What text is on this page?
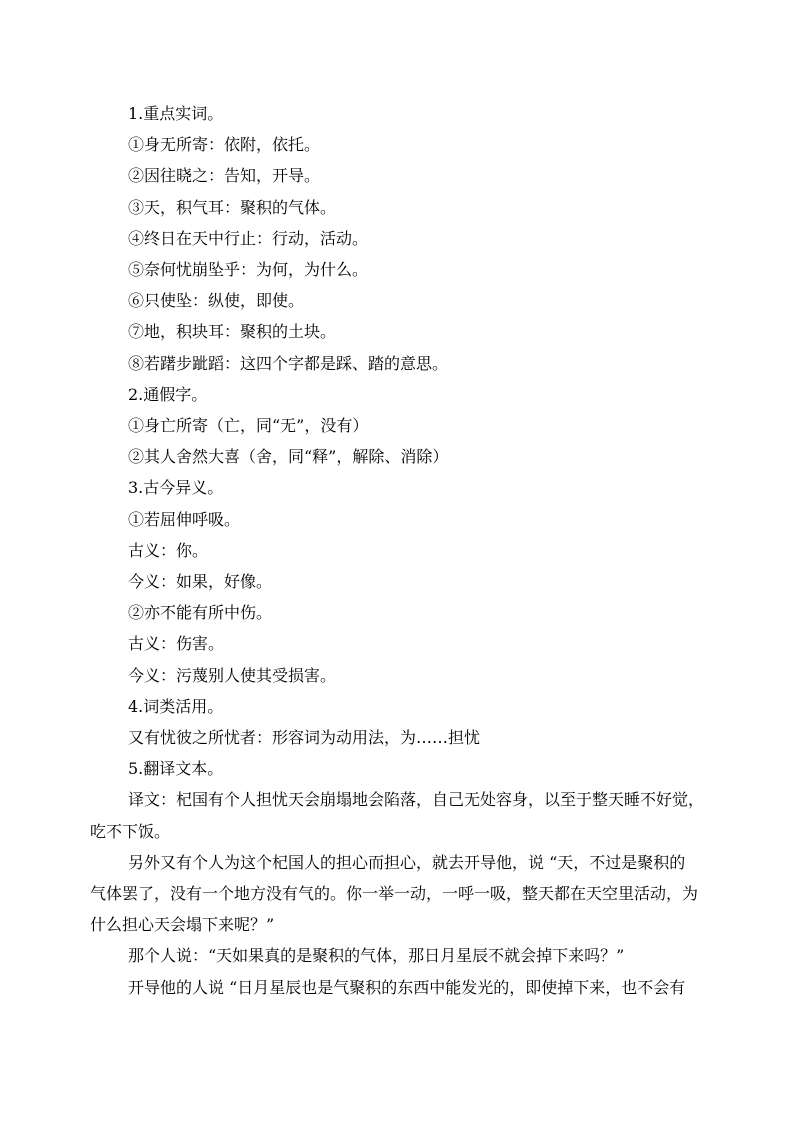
1.重点实词。
①身无所寄：依附，依托。
②因往晓之：告知，开导。
③天，积气耳：聚积的气体。
④终日在天中行止：行动，活动。
⑤奈何忧崩坠乎：为何，为什么。
⑥只使坠：纵使，即使。
⑦地，积块耳：聚积的土块。
⑧若躇步跐蹈：这四个字都是踩、踏的意思。
2.通假字。
①身亡所寄（亡，同“无”，没有）
②其人舍然大喜（舍，同“释”，解除、消除）
3.古今异义。
①若屈伸呼吸。
古义：你。
今义：如果，好像。
②亦不能有所中伤。
古义：伤害。
今义：污蔑别人使其受损害。
4.词类活用。
又有忧彼之所忧者：形容词为动用法，为……担忧
5.翻译文本。
译文：杞国有个人担忧天会崩塌地会陷落，自己无处容身，以至于整天睡不好觉，
吃不下饭。
另外又有个人为这个杞国人的担心而担心，就去开导他，说 “天，不过是聚积的
气体罢了，没有一个地方没有气的。你一举一动，一呼一吸，整天都在天空里活动，为
什么担心天会塌下来呢？”
那个人说：“天如果真的是聚积的气体，那日月星辰不就会掉下来吗？”
开导他的人说 “日月星辰也是气聚积的东西中能发光的，即使掉下来，也不会有
